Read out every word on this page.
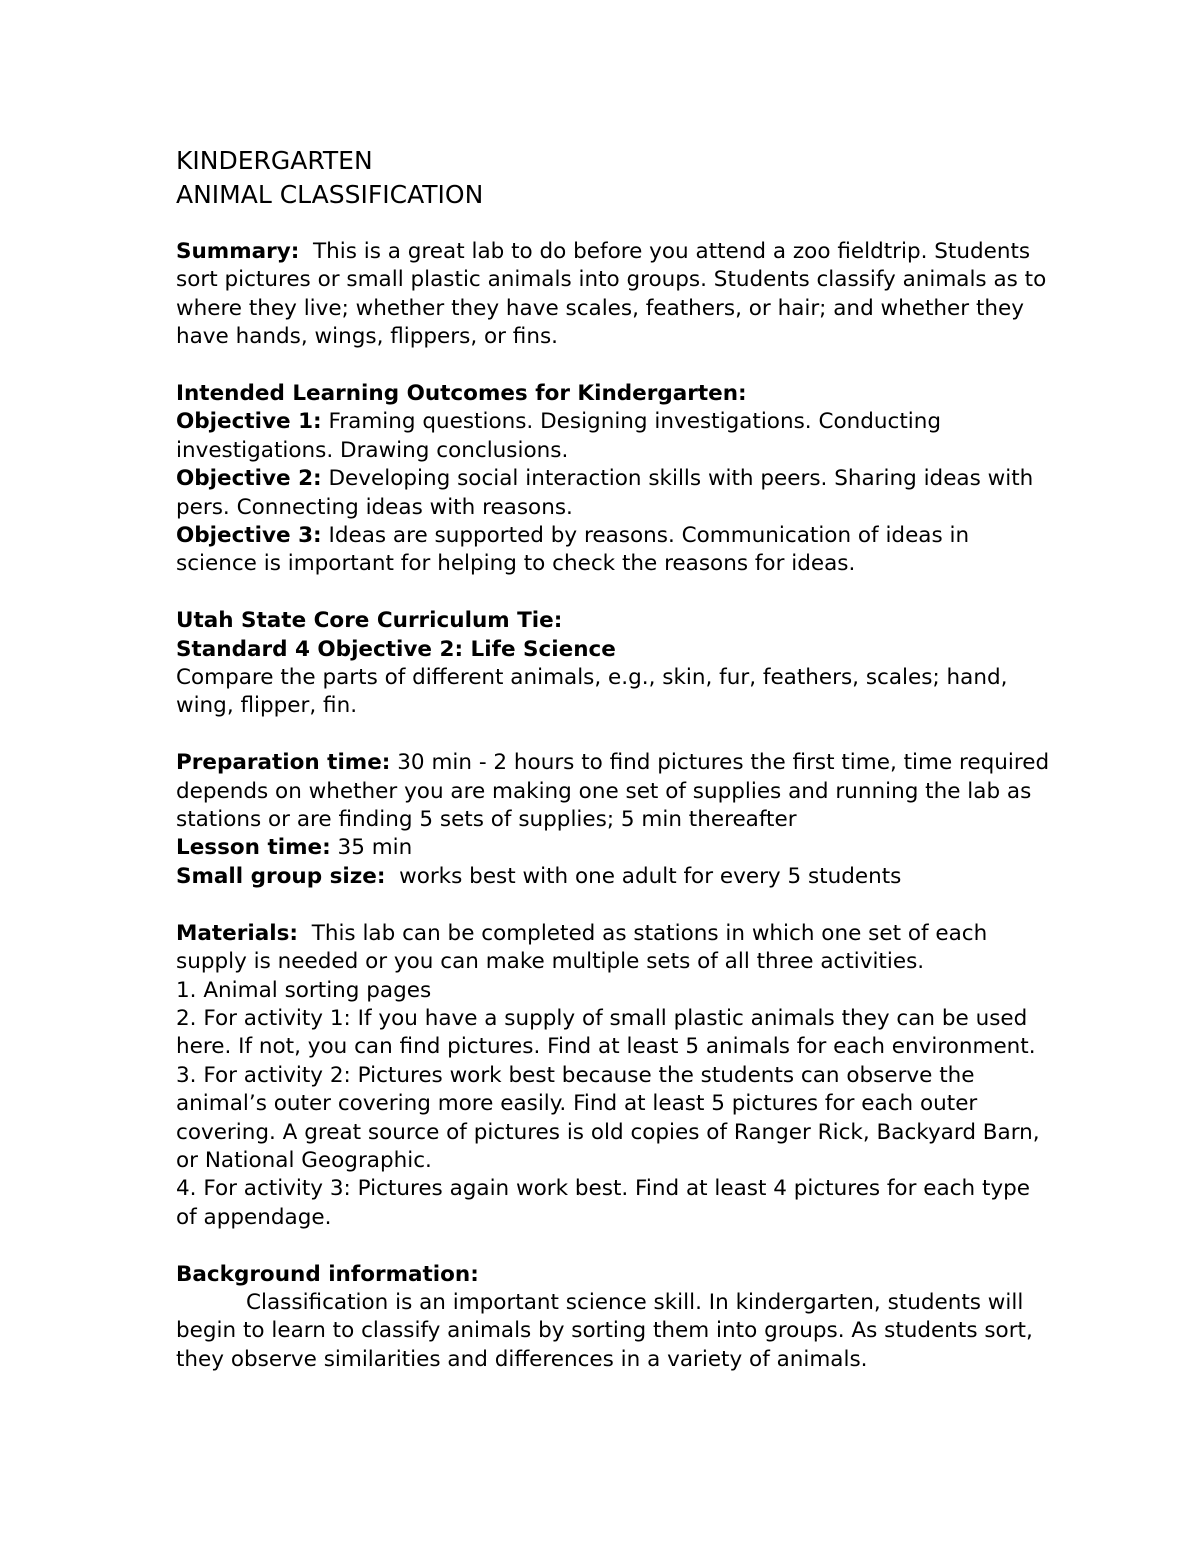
KINDERGARTEN
ANIMAL CLASSIFICATION

Summary: This is a great lab to do before you attend a zoo fieldtrip. Students sort pictures or small plastic animals into groups. Students classify animals as to where they live; whether they have scales, feathers, or hair; and whether they have hands, wings, flippers, or fins.

Intended Learning Outcomes for Kindergarten:
Objective 1: Framing questions. Designing investigations. Conducting investigations. Drawing conclusions.
Objective 2: Developing social interaction skills with peers. Sharing ideas with pers. Connecting ideas with reasons.
Objective 3: Ideas are supported by reasons. Communication of ideas in science is important for helping to check the reasons for ideas.
Utah State Core Curriculum Tie:
Standard 4 Objective 2: Life Science
Compare the parts of different animals, e.g., skin, fur, feathers, scales; hand, wing, flipper, fin.
Preparation time: 30 min - 2 hours to find pictures the first time, time required depends on whether you are making one set of supplies and running the lab as stations or are finding 5 sets of supplies; 5 min thereafter
Lesson time: 35 min
Small group size: works best with one adult for every 5 students
Materials: This lab can be completed as stations in which one set of each supply is needed or you can make multiple sets of all three activities.
1. Animal sorting pages
2. For activity 1: If you have a supply of small plastic animals they can be used here. If not, you can find pictures. Find at least 5 animals for each environment.
3. For activity 2: Pictures work best because the students can observe the animal’s outer covering more easily. Find at least 5 pictures for each outer covering. A great source of pictures is old copies of Ranger Rick, Backyard Barn, or National Geographic.
4. For activity 3: Pictures again work best. Find at least 4 pictures for each type of appendage.
Background information:
Classification is an important science skill. In kindergarten, students will begin to learn to classify animals by sorting them into groups. As students sort, they observe similarities and differences in a variety of animals.
